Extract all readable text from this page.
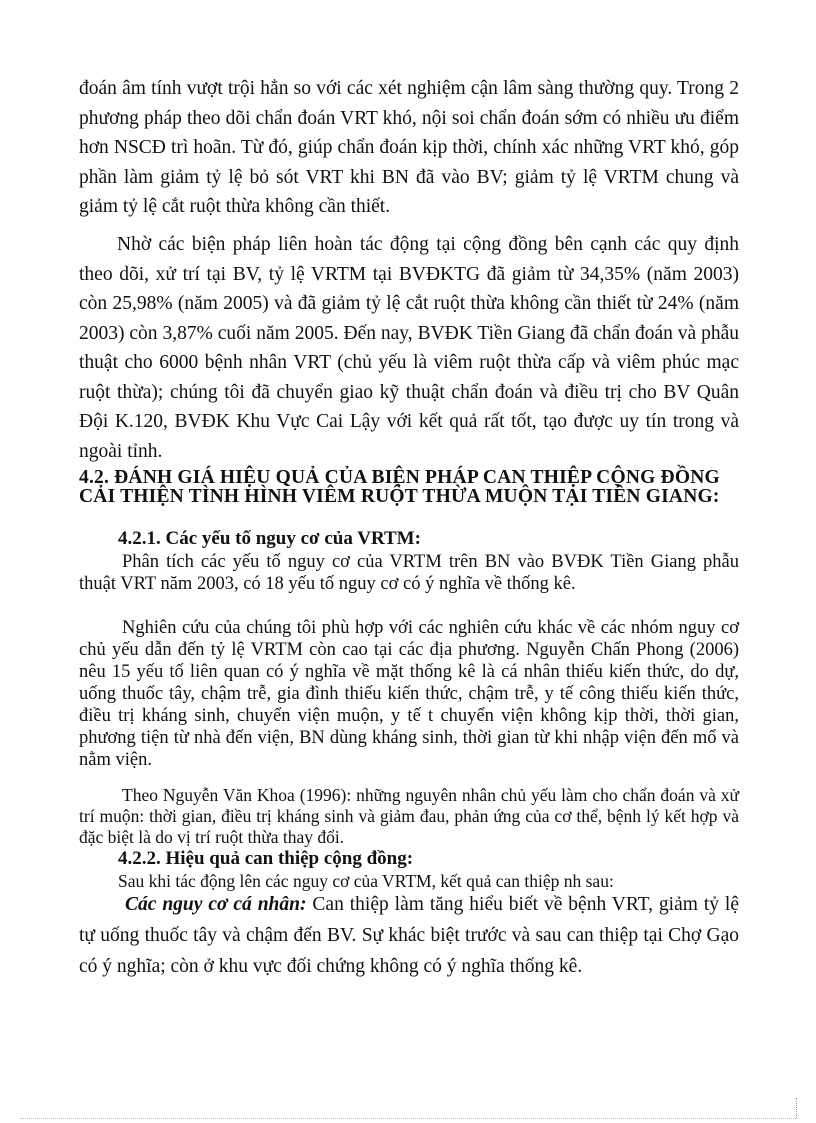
đoán âm tính vượt trội hẳn so với các xét nghiệm cận lâm sàng thường quy. Trong 2 phương pháp theo dõi chẩn đoán VRT khó, nội soi chẩn đoán sớm có nhiều ưu điểm hơn NSCĐ trì hoãn. Từ đó, giúp chẩn đoán kịp thời, chính xác những VRT khó, góp phần làm giảm tỷ lệ bỏ sót VRT khi BN đã vào BV; giảm tỷ lệ VRTM chung và giảm tỷ lệ cắt ruột thừa không cần thiết.

Nhờ các biện pháp liên hoàn tác động tại cộng đồng bên cạnh các quy định theo dõi, xử trí tại BV, tỷ lệ VRTM tại BVĐKTG đã giảm từ 34,35% (năm 2003) còn 25,98% (năm 2005) và đã giảm tỷ lệ cắt ruột thừa không cần thiết từ 24% (năm 2003) còn 3,87% cuối năm 2005. Đến nay, BVĐK Tiền Giang đã chẩn đoán và phẫu thuật cho 6000 bệnh nhân VRT (chủ yếu là viêm ruột thừa cấp và viêm phúc mạc ruột thừa); chúng tôi đã chuyển giao kỹ thuật chẩn đoán và điều trị cho BV Quân Đội K.120, BVĐK Khu Vực Cai Lậy với kết quả rất tốt, tạo được uy tín trong và ngoài tỉnh.

4.2. ĐÁNH GIÁ HIỆU QUẢ CỦA BIỆN PHÁP CAN THIỆP CỘNG ĐỒNG CẢI THIỆN TÌNH HÌNH VIÊM RUỘT THỪA MUỘN TẠI TIỀN GIANG:
4.2.1. Các yếu tố nguy cơ của VRTM:

Phân tích các yếu tố nguy cơ của VRTM trên BN vào BVĐK Tiền Giang phẫu thuật VRT năm 2003, có 18 yếu tố nguy cơ có ý nghĩa về thống kê.

Nghiên cứu của chúng tôi phù hợp với các nghiên cứu khác về các nhóm nguy cơ chủ yếu dẫn đến tỷ lệ VRTM còn cao tại các địa phương. Nguyễn Chấn Phong (2006) nêu 15 yếu tố liên quan có ý nghĩa về mặt thống kê là cá nhân thiếu kiến thức, do dự, uống thuốc tây, chậm trễ, gia đình thiếu kiến thức, chậm trễ, y tế công thiếu kiến thức, điều trị kháng sinh, chuyển viện muộn, y tế t chuyển viện không kịp thời, thời gian, phương tiện từ nhà đến viện, BN dùng kháng sinh, thời gian từ khi nhập viện đến mổ và nằm viện.

Theo Nguyễn Văn Khoa (1996): những nguyên nhân chủ yếu làm cho chẩn đoán và xử trí muộn: thời gian, điều trị kháng sinh và giảm đau, phản ứng của cơ thể, bệnh lý kết hợp và đặc biệt là do vị trí ruột thừa thay đổi.

4.2.2. Hiệu quả can thiệp cộng đồng:

Sau khi tác động lên các nguy cơ của VRTM, kết quả can thiệp nh sau:

Các nguy cơ cá nhân: Can thiệp làm tăng hiểu biết về bệnh VRT, giảm tỷ lệ tự uống thuốc tây và chậm đến BV. Sự khác biệt trước và sau can thiệp tại Chợ Gạo có ý nghĩa; còn ở khu vực đối chứng không có ý nghĩa thống kê.
